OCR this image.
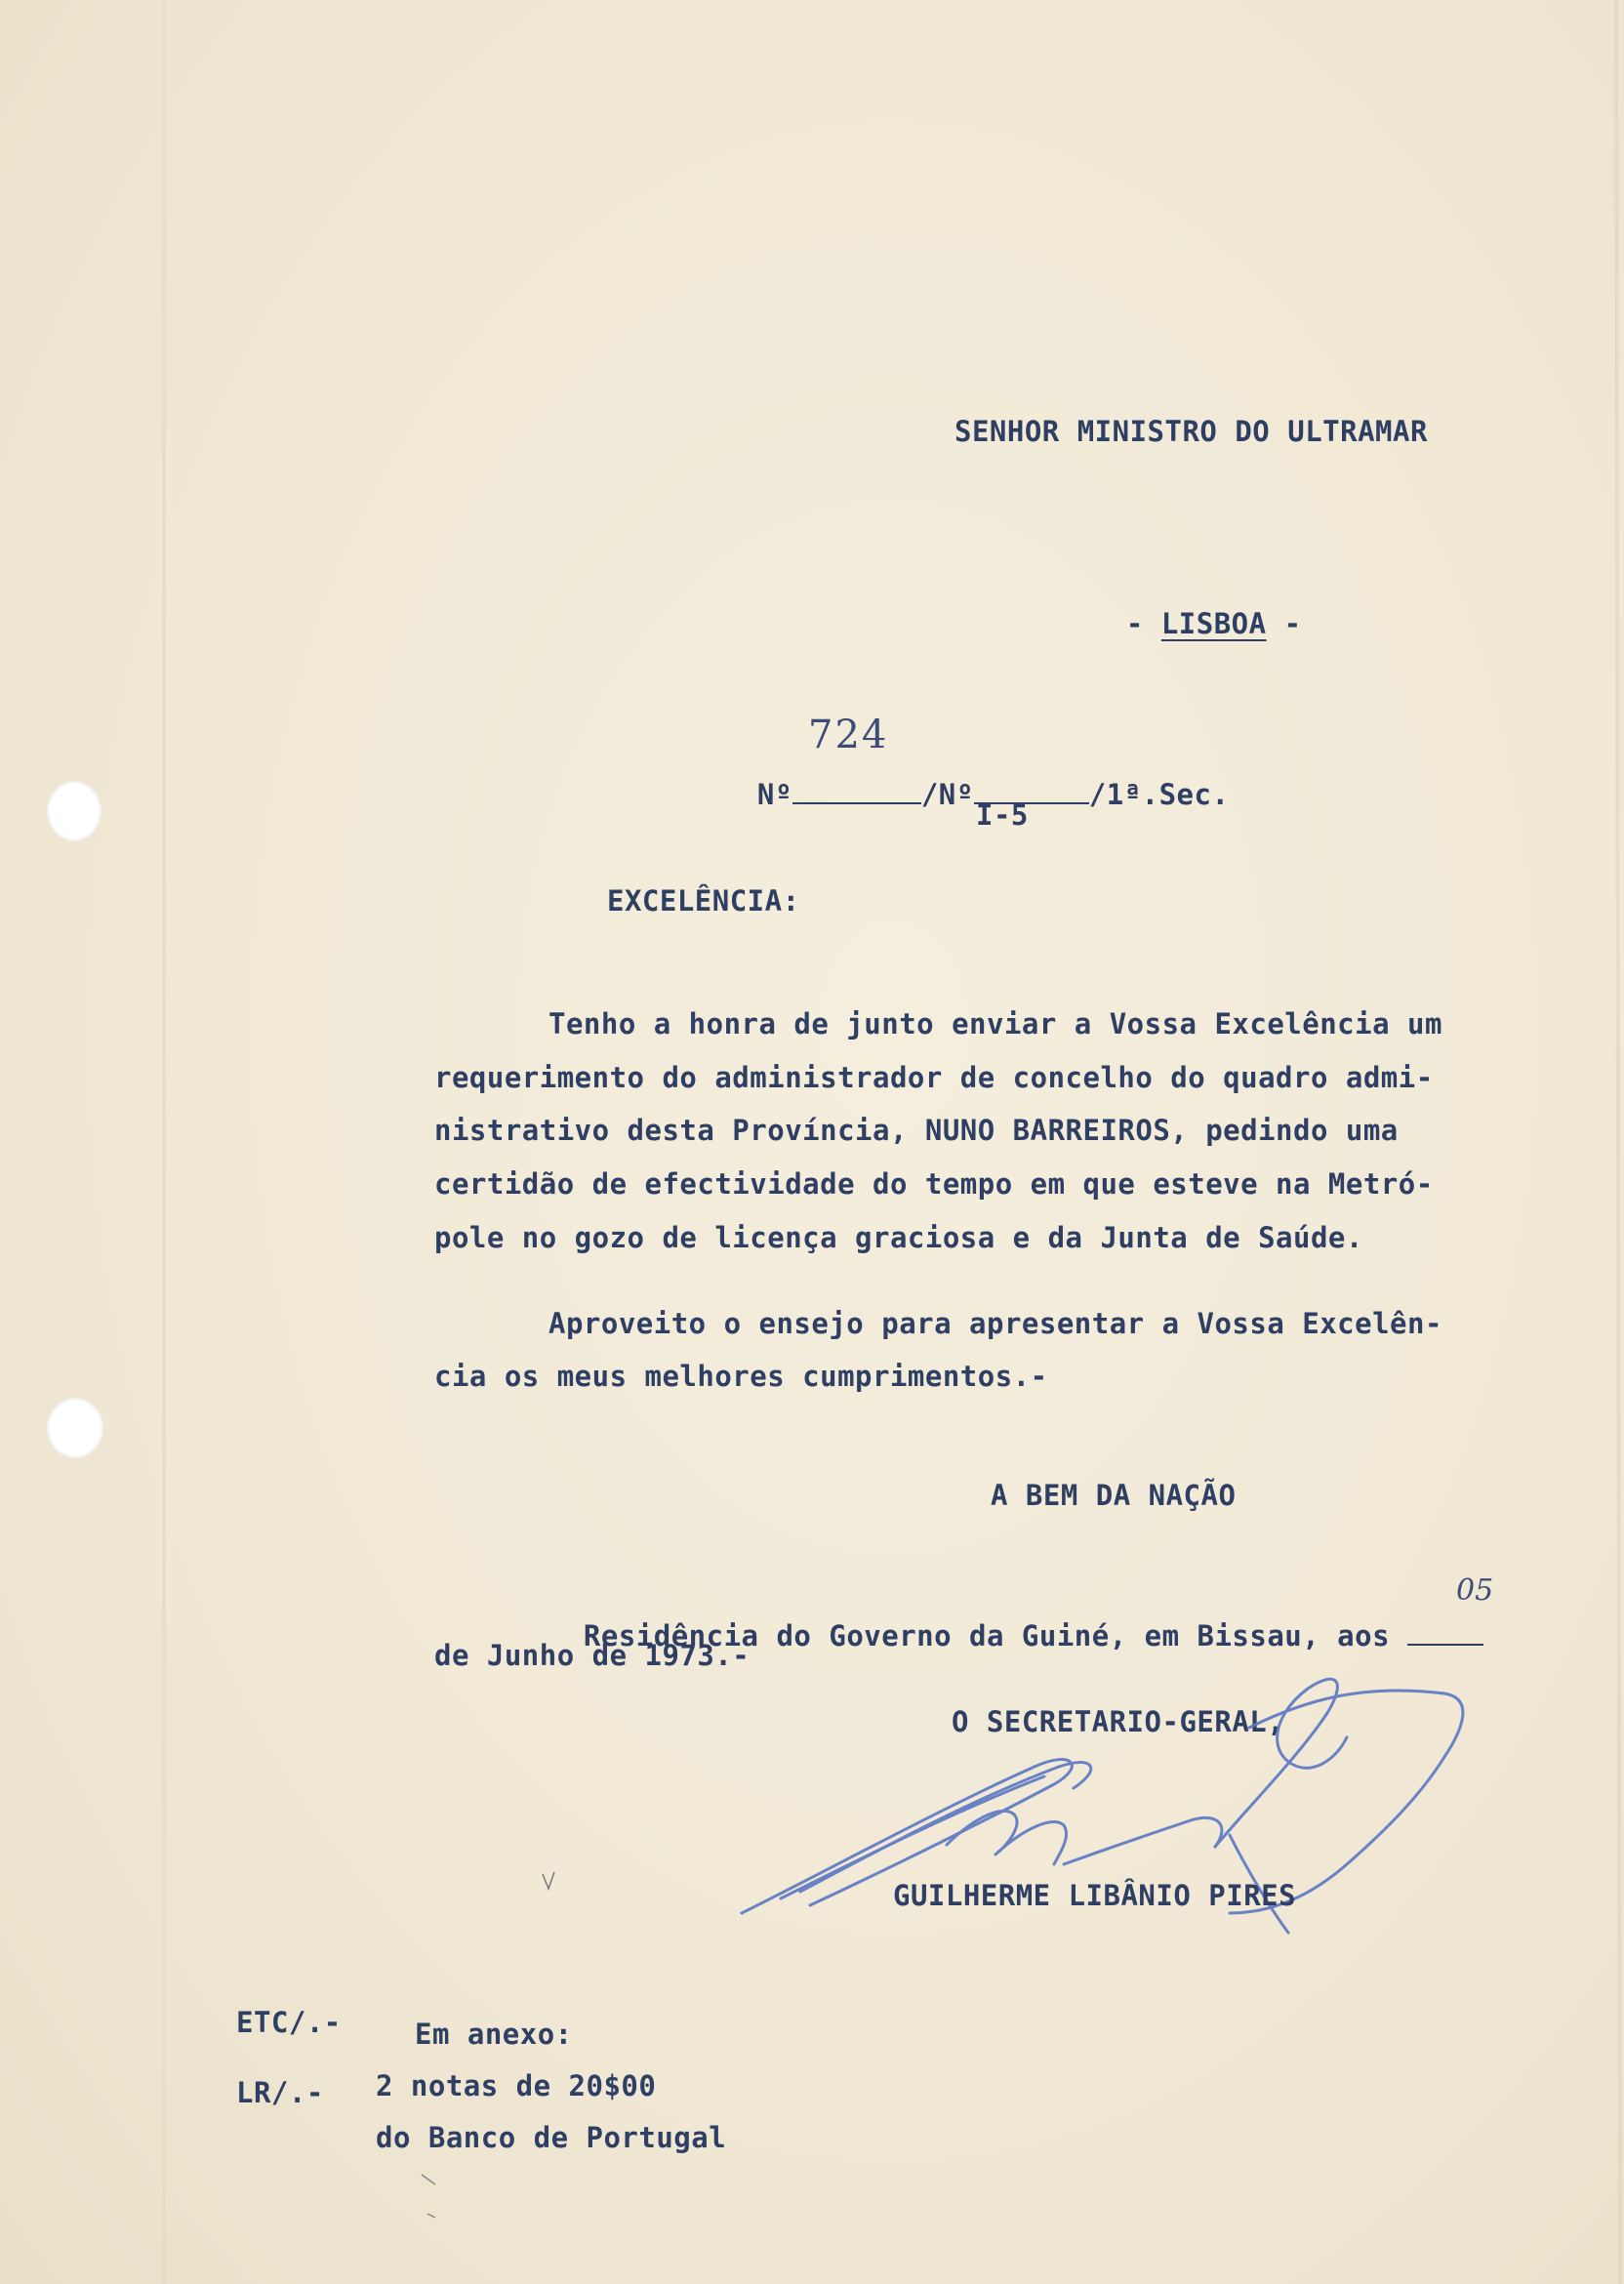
SENHOR MINISTRO DO ULTRAMAR

- LISBOA -

Nº	/Nº	/1ª.Sec.

724
I-5
EXCELÊNCIA:
Tenho a honra de junto enviar a Vossa Excelência um
requerimento do administrador de concelho do quadro admi-
nistrativo desta Província, NUNO BARREIROS, pedindo uma
certidão de efectividade do tempo em que esteve na Metró-
pole no gozo de licença graciosa e da Junta de Saúde.
Aproveito o ensejo para apresentar a Vossa Excelên-
cia os meus melhores cumprimentos.-
A BEM DA NAÇÃO

Residência do Governo da Guiné, em Bissau, aos

05
de Junho de 1973.-
O SECRETARIO-GERAL,
GUILHERME LIBÂNIO PIRES
ETC/.-	Em anexo:
LR/.- 2 notas de 20$00
do Banco de Portugal
